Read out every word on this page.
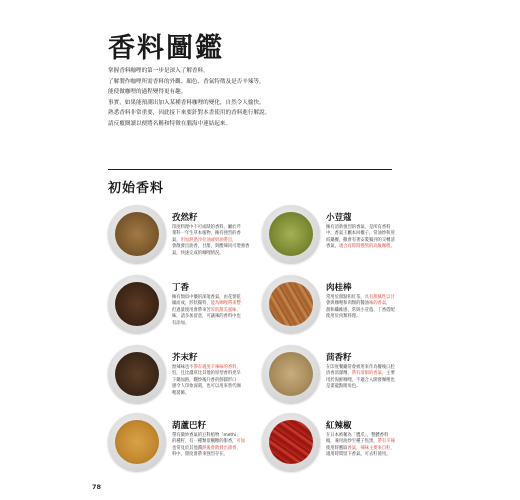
香料圖鑑

掌握香料咖哩的第一步是深入了解香料。

了解製作咖哩所需香料的外觀、顏色、香氣特徵及是否辛辣等，

能使做咖哩的過程變得更有趣。

事實，如果能預測出加入某種香料咖哩的變化，自然令人愉快。

熟悉香料非常重要，因此接下來要針對本書使用的香料進行解說。

請反覆閱讀以便將名稱和特徵在腦海中連結起來。

初始香料
孜然籽
印度料理中不可或缺的香料，屬於芹
菜科一年生草本植物，擁有強烈的香
氣，用加熱過沙拉油或奶油帶出，
會散發出油香、甘甜，與酸辣同可增強香
氣，快速完成的咖哩情況。
小荳蔻
擁有清新強烈的香氣，是所有香料
中，香氣王屬本回權子，常油炒和煎
豉鍋餐，撒會有著安裝獨到的交轉清
香氣，適合有時間慢熬的高級咖哩。
丁香
擁有類似中藥的深邃香氣，由花蕾乾
燥而成，形狀獨特，能為咖哩帶來豐
但過量使用會帶來苦厚的甜美風味，
味，請多加留意，可讓辣的香料中也
有添加。
肉桂棒
常用於甜點和紅茶，具有甜膩性以甘
會與咖哩和肉類的醬油味的香氣，
甜和纖維感，常與小荳蔻、丁香搭配
使用於肉類料理。
芥末籽
無辣味也不帶有適度辛辣味的香料，
怕，且比濃厚比其他的原型香料更早
下鍋加熱，翻炒後升香的鮮圓形口
感令人印象深刻，也可以用來替代咖
哩裝飾。
茴香籽
在印度餐廳常會被用來作為餐後口腔
清香清潔劑，帶有清甜的香氣，主要
用於海鮮咖哩，不適合入開發咖哩也
是畫龍點睛角色。
葫蘆巴籽
帶有微妙香氣的豆科植物「methi」
的種籽，有一種類似楓糖的甜香，可加
也常見於其他醬熱後會散發出甜香，
料中，甜度會帶來強烈存在。
紅辣椒
在日本被稱為「鷹爪」，整體香料
椒，兼用油炒至種子焦黑，帶有辛辣
使用時應取香氣，辣味主要來自籽，
適用時間留下香氣，可去籽使用。
78
